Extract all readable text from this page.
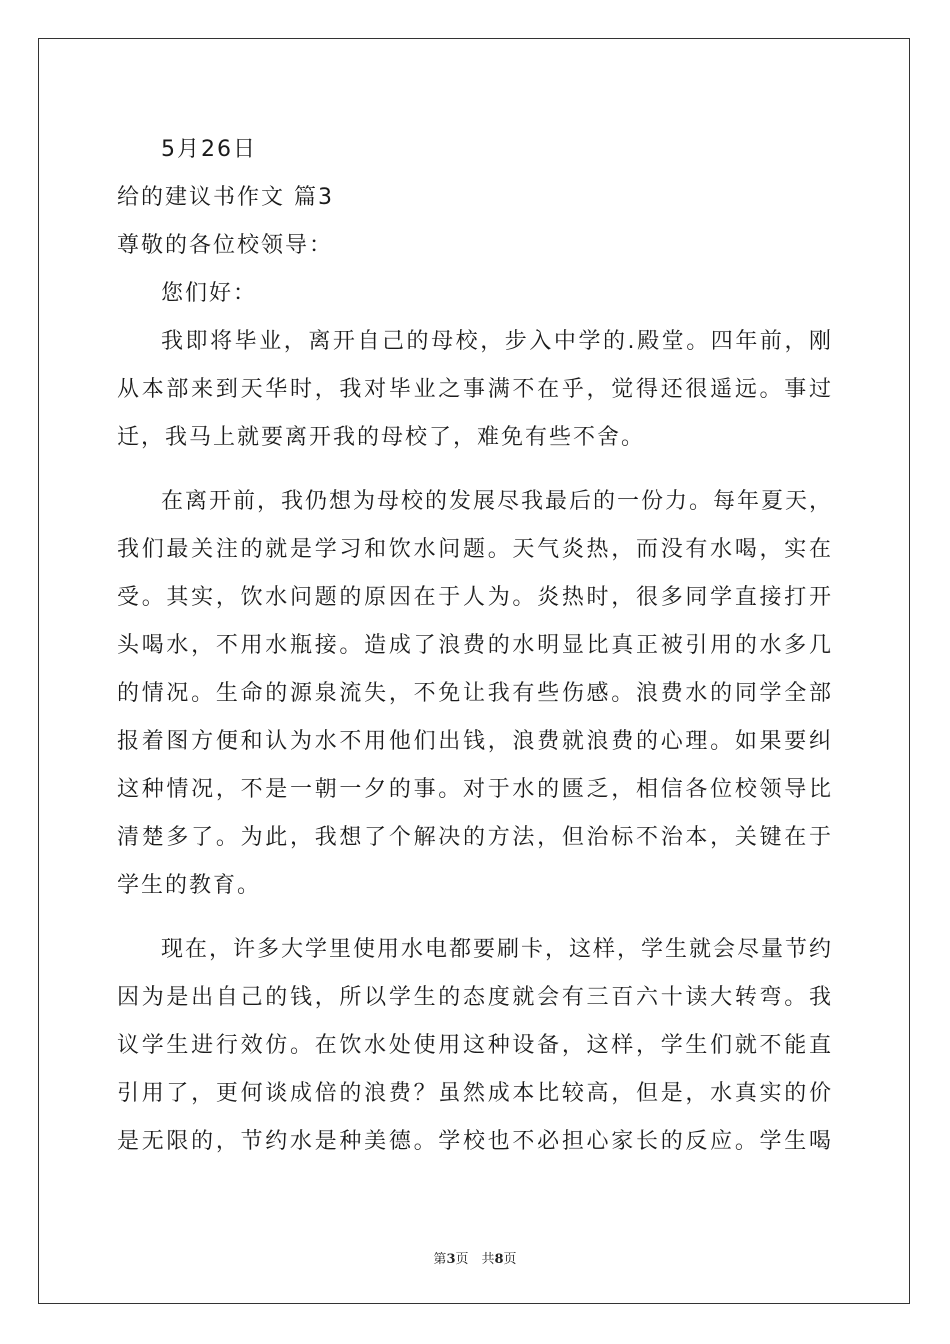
5月26日
给的建议书作文 篇3
尊敬的各位校领导：
您们好：
我即将毕业，离开自己的母校，步入中学的.殿堂。四年前，刚
从本部来到天华时，我对毕业之事满不在乎，觉得还很遥远。事过
迁，我马上就要离开我的母校了，难免有些不舍。
在离开前，我仍想为母校的发展尽我最后的一份力。每年夏天，
我们最关注的就是学习和饮水问题。天气炎热，而没有水喝，实在
受。其实，饮水问题的原因在于人为。炎热时，很多同学直接打开
头喝水，不用水瓶接。造成了浪费的水明显比真正被引用的水多几
的情况。生命的源泉流失，不免让我有些伤感。浪费水的同学全部
报着图方便和认为水不用他们出钱，浪费就浪费的心理。如果要纠
这种情况，不是一朝一夕的事。对于水的匮乏，相信各位校领导比
清楚多了。为此，我想了个解决的方法，但治标不治本，关键在于
学生的教育。
现在，许多大学里使用水电都要刷卡，这样，学生就会尽量节约
因为是出自己的钱，所以学生的态度就会有三百六十读大转弯。我
议学生进行效仿。在饮水处使用这种设备，这样，学生们就不能直
引用了，更何谈成倍的浪费？虽然成本比较高，但是，水真实的价
是无限的，节约水是种美德。学校也不必担心家长的反应。学生喝
第3页　共8页
